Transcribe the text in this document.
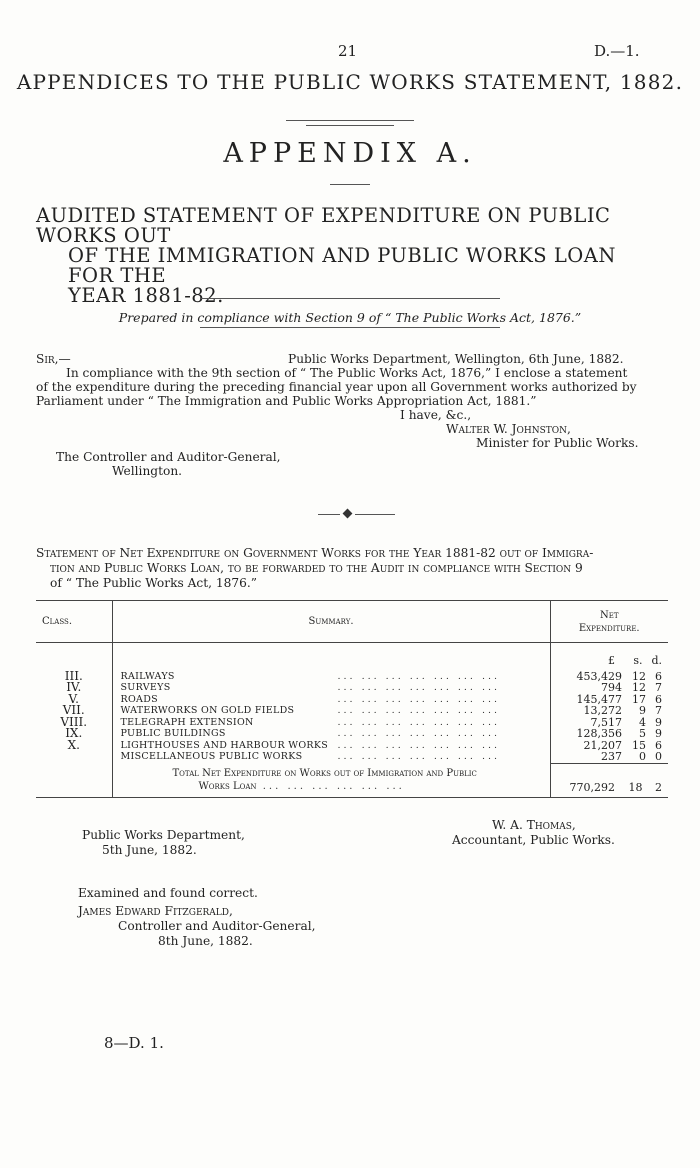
21	D.—1.
APPENDICES TO THE PUBLIC WORKS STATEMENT, 1882.
APPENDIX A.
AUDITED STATEMENT OF EXPENDITURE ON PUBLIC WORKS OUT
OF THE IMMIGRATION AND PUBLIC WORKS LOAN FOR THE
YEAR 1881-82.
Prepared in compliance with Section 9 of “ The Public Works Act, 1876.”
Sir,—	Public Works Department, Wellington, 6th June, 1882.
In compliance with the 9th section of “ The Public Works Act, 1876,” I enclose a statement
of the expenditure during the preceding financial year upon all Government works authorized by
Parliament under “ The Immigration and Public Works Appropriation Act, 1881.”
I have, &c.,
Walter W. Johnston,
Minister for Public Works.
The Controller and Auditor-General,
Wellington.
Statement of Net Expenditure on Government Works for the Year 1881-82 out of Immigra-
tion and Public Works Loan, to be forwarded to the Audit in compliance with Section 9
of “ The Public Works Act, 1876.”
Class.	Summary.	Net
Expenditure.

		£ s. d.
III.	RAILWAYS ... ... ... ... ... ... ...	453,429 12 6
IV.	SURVEYS ... ... ... ... ... ... ...	794 12 7
V.	ROADS ... ... ... ... ... ... ...	145,477 17 6
VII.	WATERWORKS ON GOLD FIELDS ... ... ... ... ... ... ...	13,272 9 7
VIII.	TELEGRAPH EXTENSION ... ... ... ... ... ... ...	7,517 4 9
IX.	PUBLIC BUILDINGS ... ... ... ... ... ... ...	128,356 5 9
X.	LIGHTHOUSES AND HARBOUR WORKS ... ... ... ... ... ... ...	21,207 15 6
	MISCELLANEOUS PUBLIC WORKS ... ... ... ... ... ... ...	237 0 0

	Total Net Expenditure on Works out of Immigration and Public
Works Loan ... ... ... ... ... ...	770,292 18 2
Public Works Department,
5th June, 1882.
W. A. Thomas,
Accountant, Public Works.
Examined and found correct.
James Edward Fitzgerald,
Controller and Auditor-General,
8th June, 1882.
8—D. 1.
